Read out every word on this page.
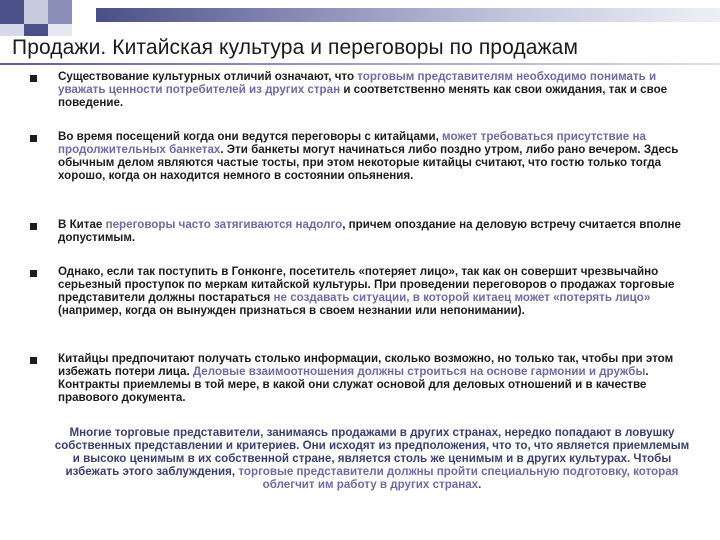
Продажи. Китайская культура и переговоры по продажам
Существование культурных отличий означают, что торговым представителям необходимо понимать и уважать ценности потребителей из других стран и соответственно менять как свои ожидания, так и свое поведение.
Во время посещений когда они ведутся переговоры с китайцами, может требоваться присутствие на продолжительных банкетах. Эти банкеты могут начинаться либо поздно утром, либо рано вечером. Здесь обычным делом являются частые тосты, при этом некоторые китайцы считают, что гостю только тогда хорошо, когда он находится немного в состоянии опьянения.
В Китае переговоры часто затягиваются надолго, причем опоздание на деловую встречу считается вполне допустимым.
Однако, если так поступить в Гонконге, посетитель «потеряет лицо», так как он совершит чрезвычайно серьезный проступок по меркам китайской культуры. При проведении переговоров о продажах торговые представители должны постараться не создавать ситуации, в которой китаец может «потерять лицо» (например, когда он вынужден признаться в своем незнании или непонимании).
Китайцы предпочитают получать столько информации, сколько возможно, но только так, чтобы при этом избежать потери лица. Деловые взаимоотношения должны строиться на основе гармонии и дружбы. Контракты приемлемы в той мере, в какой они служат основой для деловых отношений и в качестве правового документа.
Многие торговые представители, занимаясь продажами в других странах, нередко попадают в ловушку собственных представлении и критериев. Они исходят из предположения, что то, что является приемлемым и высоко ценимым в их собственной стране, является столь же ценимым и в других культурах. Чтобы избежать этого заблуждения, торговые представители должны пройти специальную подготовку, которая облегчит им работу в других странах.
